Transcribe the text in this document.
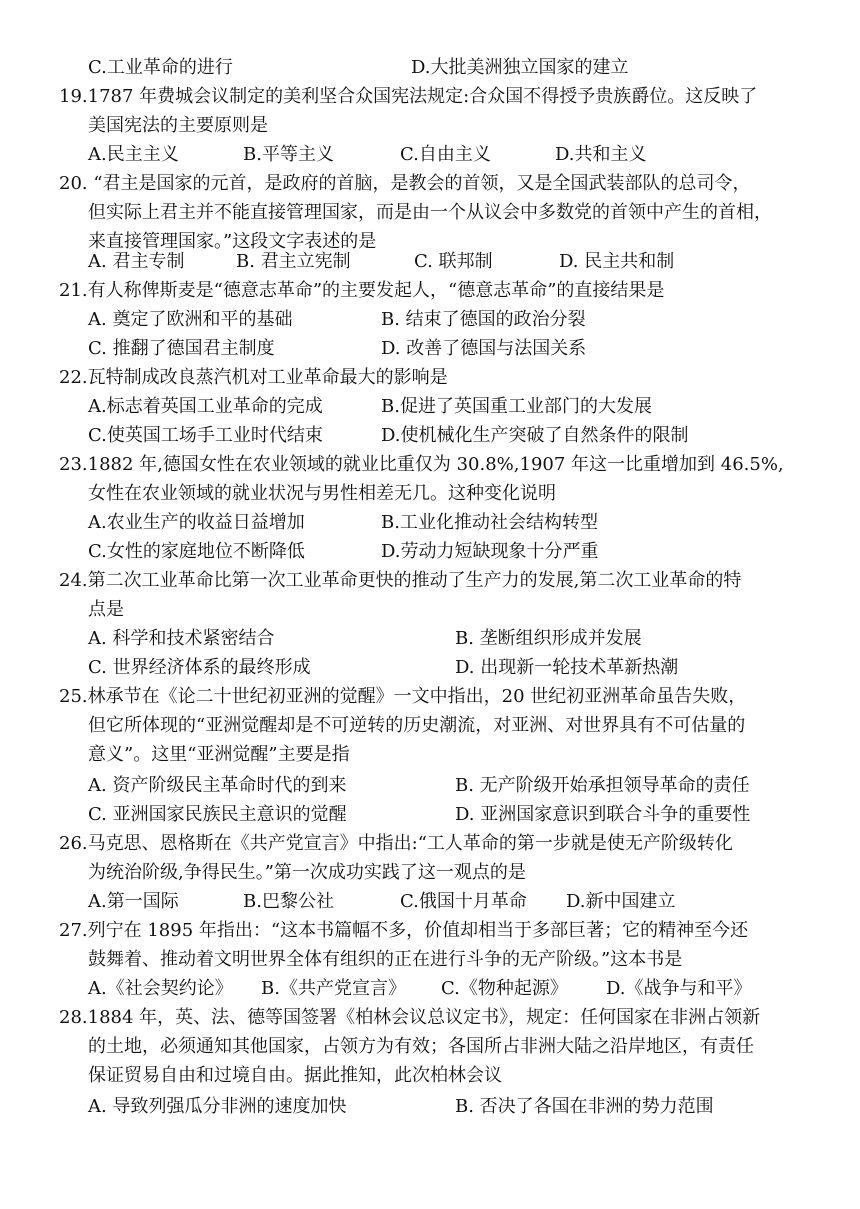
C.工业革命的进行	D.大批美洲独立国家的建立
19.1787 年费城会议制定的美利坚合众国宪法规定:合众国不得授予贵族爵位。这反映了
美国宪法的主要原则是
A.民主主义	B.平等主义	C.自由主义	D.共和主义
20. “君主是国家的元首，是政府的首脑，是教会的首领，又是全国武装部队的总司令，
但实际上君主并不能直接管理国家，而是由一个从议会中多数党的首领中产生的首相，
来直接管理国家。”这段文字表述的是
A. 君主专制	B. 君主立宪制	C. 联邦制	D. 民主共和制
21.有人称俾斯麦是“德意志革命”的主要发起人，“德意志革命”的直接结果是
A. 奠定了欧洲和平的基础	B. 结束了德国的政治分裂
C. 推翻了德国君主制度	D. 改善了德国与法国关系
22.瓦特制成改良蒸汽机对工业革命最大的影响是
A.标志着英国工业革命的完成	B.促进了英国重工业部门的大发展
C.使英国工场手工业时代结束	D.使机械化生产突破了自然条件的限制
23.1882 年,德国女性在农业领域的就业比重仅为 30.8%,1907 年这一比重增加到 46.5%,
女性在农业领域的就业状况与男性相差无几。这种变化说明
A.农业生产的收益日益增加	B.工业化推动社会结构转型
C.女性的家庭地位不断降低	D.劳动力短缺现象十分严重
24.第二次工业革命比第一次工业革命更快的推动了生产力的发展,第二次工业革命的特
点是
A. 科学和技术紧密结合	B. 垄断组织形成并发展
C. 世界经济体系的最终形成	D. 出现新一轮技术革新热潮
25.林承节在《论二十世纪初亚洲的觉醒》一文中指出，20 世纪初亚洲革命虽告失败，
但它所体现的“亚洲觉醒却是不可逆转的历史潮流，对亚洲、对世界具有不可估量的
意义”。这里“亚洲觉醒”主要是指
A. 资产阶级民主革命时代的到来	B. 无产阶级开始承担领导革命的责任
C. 亚洲国家民族民主意识的觉醒	D. 亚洲国家意识到联合斗争的重要性
26.马克思、恩格斯在《共产党宣言》中指出:“工人革命的第一步就是使无产阶级转化
为统治阶级,争得民生。”第一次成功实践了这一观点的是
A.第一国际	B.巴黎公社	C.俄国十月革命 D.新中国建立
27.列宁在 1895 年指出：“这本书篇幅不多，价值却相当于多部巨著；它的精神至今还
鼓舞着、推动着文明世界全体有组织的正在进行斗争的无产阶级。”这本书是
A.《社会契约论》 B.《共产党宣言》 C.《物种起源》 D.《战争与和平》
28.1884 年，英、法、德等国签署《柏林会议总议定书》，规定：任何国家在非洲占领新
的土地，必须通知其他国家，占领方为有效；各国所占非洲大陆之沿岸地区，有责任
保证贸易自由和过境自由。据此推知，此次柏林会议
A. 导致列强瓜分非洲的速度加快	B. 否决了各国在非洲的势力范围
